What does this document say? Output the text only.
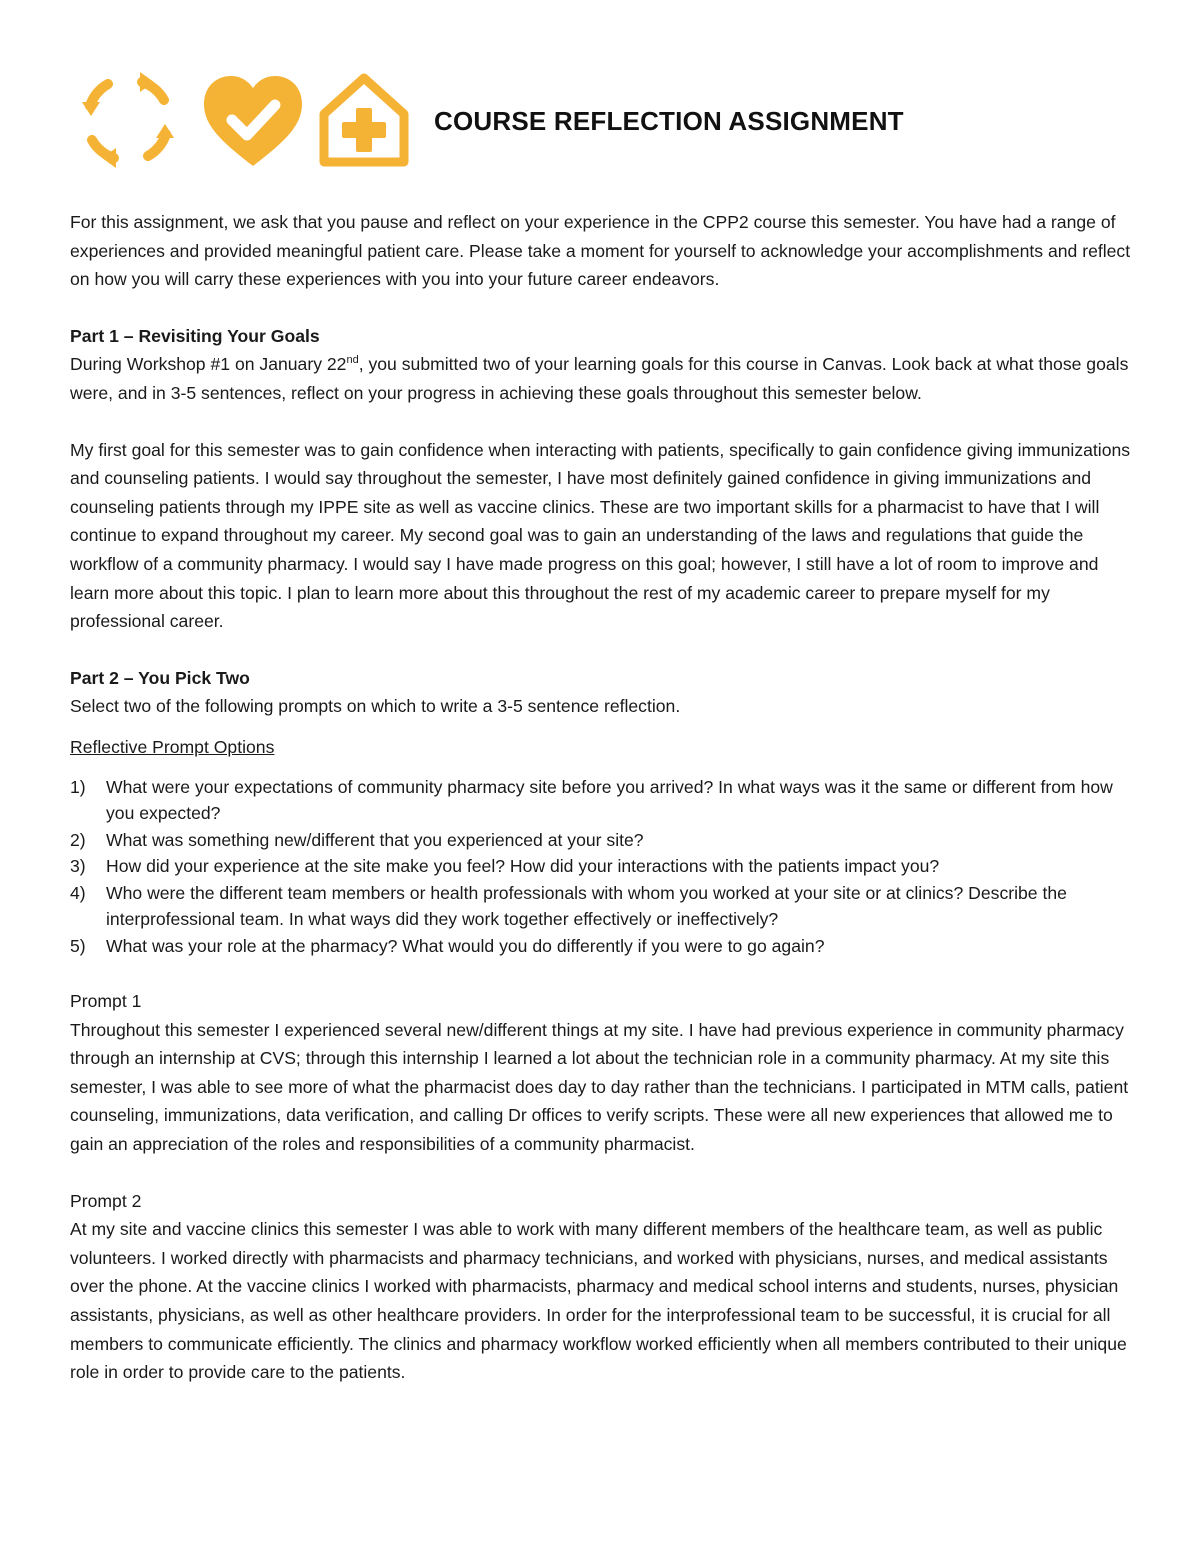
COURSE REFLECTION ASSIGNMENT

For this assignment, we ask that you pause and reflect on your experience in the CPP2 course this semester. You have had a range of experiences and provided meaningful patient care. Please take a moment for yourself to acknowledge your accomplishments and reflect on how you will carry these experiences with you into your future career endeavors.

Part 1 – Revisiting Your Goals

During Workshop #1 on January 22nd, you submitted two of your learning goals for this course in Canvas. Look back at what those goals were, and in 3-5 sentences, reflect on your progress in achieving these goals throughout this semester below.

My first goal for this semester was to gain confidence when interacting with patients, specifically to gain confidence giving immunizations and counseling patients. I would say throughout the semester, I have most definitely gained confidence in giving immunizations and counseling patients through my IPPE site as well as vaccine clinics. These are two important skills for a pharmacist to have that I will continue to expand throughout my career. My second goal was to gain an understanding of the laws and regulations that guide the workflow of a community pharmacy. I would say I have made progress on this goal; however, I still have a lot of room to improve and learn more about this topic. I plan to learn more about this throughout the rest of my academic career to prepare myself for my professional career.

Part 2 – You Pick Two

Select two of the following prompts on which to write a 3-5 sentence reflection.

Reflective Prompt Options

1) What were your expectations of community pharmacy site before you arrived? In what ways was it the same or different from how you expected?
2) What was something new/different that you experienced at your site?
3) How did your experience at the site make you feel? How did your interactions with the patients impact you?
4) Who were the different team members or health professionals with whom you worked at your site or at clinics? Describe the interprofessional team. In what ways did they work together effectively or ineffectively?
5) What was your role at the pharmacy? What would you do differently if you were to go again?

Prompt 1

Throughout this semester I experienced several new/different things at my site. I have had previous experience in community pharmacy through an internship at CVS; through this internship I learned a lot about the technician role in a community pharmacy. At my site this semester, I was able to see more of what the pharmacist does day to day rather than the technicians. I participated in MTM calls, patient counseling, immunizations, data verification, and calling Dr offices to verify scripts. These were all new experiences that allowed me to gain an appreciation of the roles and responsibilities of a community pharmacist.

Prompt 2

At my site and vaccine clinics this semester I was able to work with many different members of the healthcare team, as well as public volunteers. I worked directly with pharmacists and pharmacy technicians, and worked with physicians, nurses, and medical assistants over the phone. At the vaccine clinics I worked with pharmacists, pharmacy and medical school interns and students, nurses, physician assistants, physicians, as well as other healthcare providers. In order for the interprofessional team to be successful, it is crucial for all members to communicate efficiently. The clinics and pharmacy workflow worked efficiently when all members contributed to their unique role in order to provide care to the patients.
